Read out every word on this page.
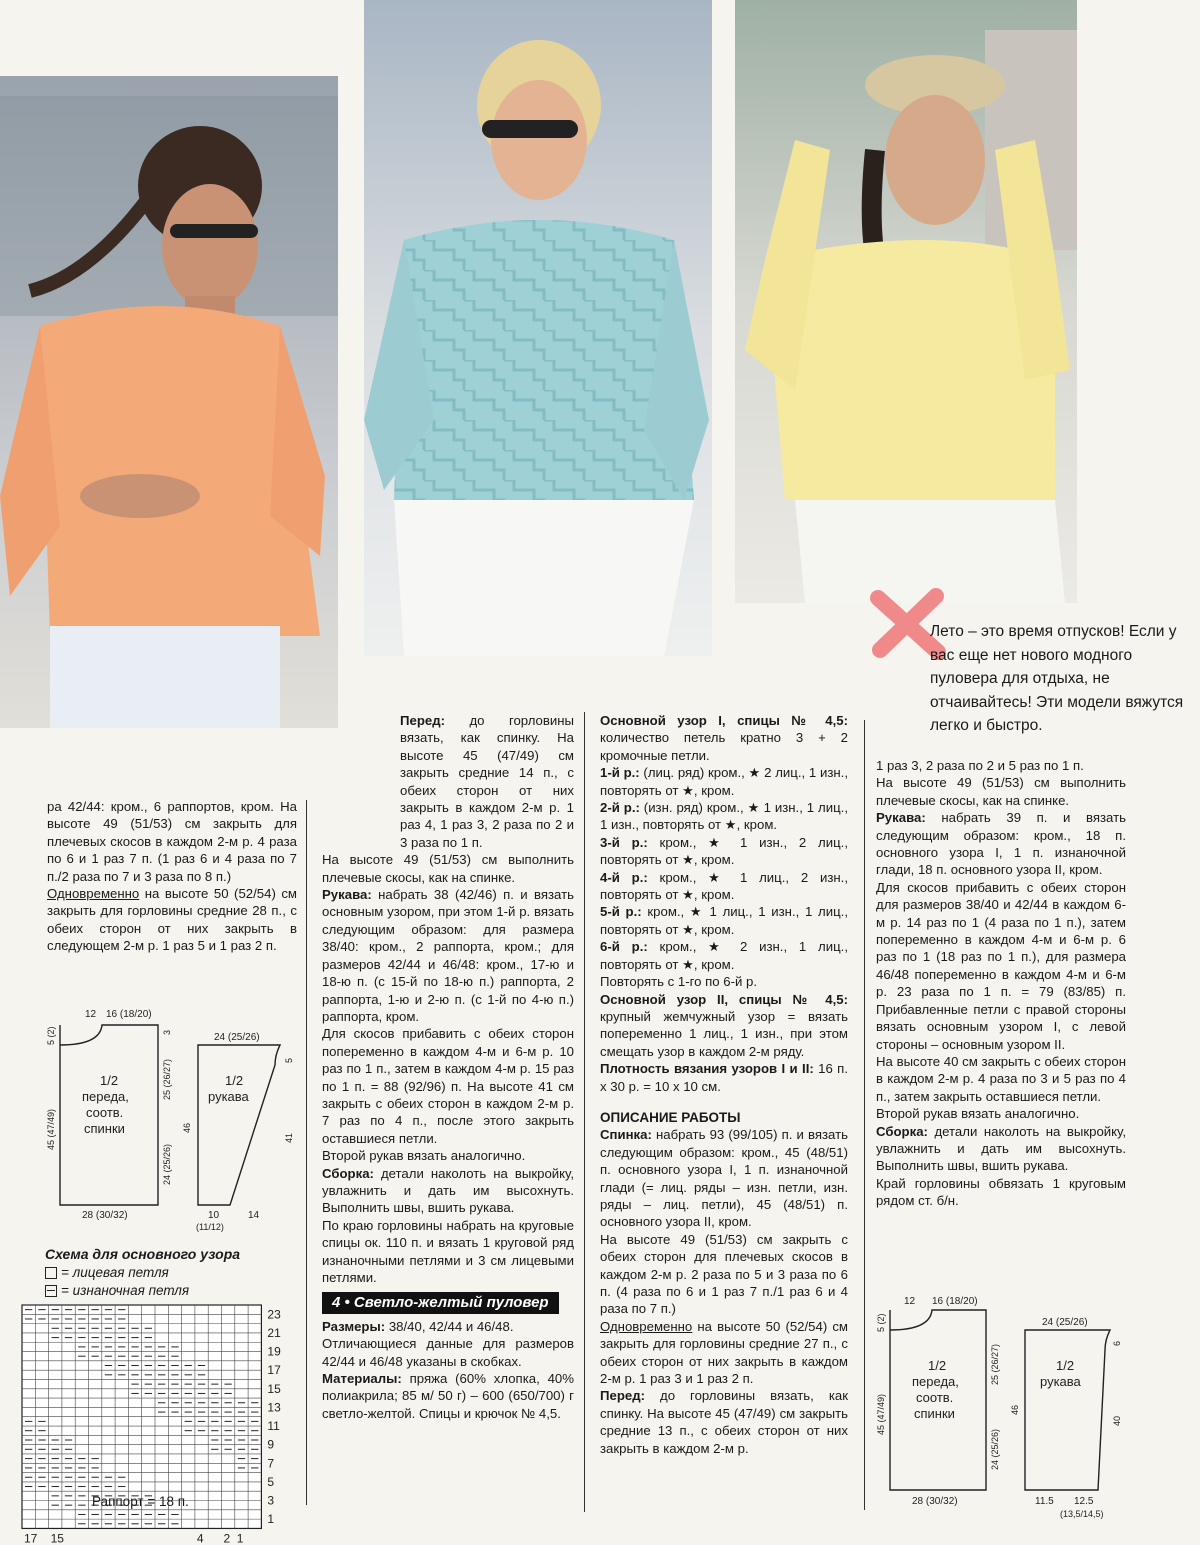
Лето – это время отпусков! Если у вас еще нет нового модного пуловера для отдыха, не отчаивайтесь! Эти модели вяжутся легко и быстро.

ра 42/44: кром., 6 раппортов, кром. На высоте 49 (51/53) см закрыть для плечевых скосов в каждом 2-м р. 4 раза по 6 и 1 раз 7 п. (1 раз 6 и 4 раза по 7 п./2 раза по 7 и 3 раза по 8 п.)

Одновременно на высоте 50 (52/54) см закрыть для горловины средние 28 п., с обеих сторон от них закрыть в следующем 2-м р. 1 раз 5 и 1 раз 2 п.

12 16 (18/20)
5 (2)
45 (47/49)
3
25 (26/27)
24 (25/26)
28 (30/32)
1/2
переда,
соотв.
спинки
24 (25/26)
5
46
41
10
(11/12)
14
1/2
рукава
Схема для основного узора
= лицевая петля
= изнаночная петля
23
21
19
17
15
13
11
9
7
5
3
1
17 15	4 2 1
Раппорт = 18 п.

Перед: до горловины вязать, как спинку. На высоте 45 (47/49) см закрыть средние 14 п., с обеих сторон от них закрыть в каждом 2-м р. 1 раз 4, 1 раз 3, 2 раза по 2 и 3 раза по 1 п.

На высоте 49 (51/53) см выполнить плечевые скосы, как на спинке.

Рукава: набрать 38 (42/46) п. и вязать основным узором, при этом 1-й р. вязать следующим образом: для размера 38/40: кром., 2 раппорта, кром.; для размеров 42/44 и 46/48: кром., 17-ю и 18-ю п. (с 15-й по 18-ю п.) раппорта, 2 раппорта, 1-ю и 2-ю п. (с 1-й по 4-ю п.) раппорта, кром.

Для скосов прибавить с обеих сторон попеременно в каждом 4-м и 6-м р. 10 раз по 1 п., затем в каждом 4-м р. 15 раз по 1 п. = 88 (92/96) п. На высоте 41 см закрыть с обеих сторон в каждом 2-м р. 7 раз по 4 п., после этого закрыть оставшиеся петли.

Второй рукав вязать аналогично.

Сборка: детали наколоть на выкройку, увлажнить и дать им высохнуть. Выполнить швы, вшить рукава.

По краю горловины набрать на круговые спицы ок. 110 п. и вязать 1 круговой ряд изнаночными петлями и 3 см лицевыми петлями.

4 • Светло-желтый пуловер

Размеры: 38/40, 42/44 и 46/48.

Отличающиеся данные для размеров 42/44 и 46/48 указаны в скобках.

Материалы: пряжа (60% хлопка, 40% полиакрила; 85 м/ 50 г) – 600 (650/700) г светло-желтой. Спицы и крючок № 4,5.

Основной узор I, спицы № 4,5: количество петель кратно 3 + 2 кромочные петли.

1-й р.: (лиц. ряд) кром., ★ 2 лиц., 1 изн., повторять от ★, кром.

2-й р.: (изн. ряд) кром., ★ 1 изн., 1 лиц., 1 изн., повторять от ★, кром.

3-й р.: кром., ★ 1 изн., 2 лиц., повторять от ★, кром.

4-й р.: кром., ★ 1 лиц., 2 изн., повторять от ★, кром.

5-й р.: кром., ★ 1 лиц., 1 изн., 1 лиц., повторять от ★, кром.

6-й р.: кром., ★ 2 изн., 1 лиц., повторять от ★, кром.

Повторять с 1-го по 6-й р.

Основной узор II, спицы № 4,5: крупный жемчужный узор = вязать попеременно 1 лиц., 1 изн., при этом смещать узор в каждом 2-м ряду.

Плотность вязания узоров I и II: 16 п. х 30 р. = 10 х 10 см.

ОПИСАНИЕ РАБОТЫ

Спинка: набрать 93 (99/105) п. и вязать следующим образом: кром., 45 (48/51) п. основного узора I, 1 п. изнаночной глади (= лиц. ряды – изн. петли, изн. ряды – лиц. петли), 45 (48/51) п. основного узора II, кром.

На высоте 49 (51/53) см закрыть с обеих сторон для плечевых скосов в каждом 2-м р. 2 раза по 5 и 3 раза по 6 п. (4 раза по 6 и 1 раз 7 п./1 раз 6 и 4 раза по 7 п.)

Одновременно на высоте 50 (52/54) см закрыть для горловины средние 27 п., с обеих сторон от них закрыть в каждом 2-м р. 1 раз 3 и 1 раз 2 п.

Перед: до горловины вязать, как спинку. На высоте 45 (47/49) см закрыть средние 13 п., с обеих сторон от них закрыть в каждом 2-м р.

1 раз 3, 2 раза по 2 и 5 раз по 1 п.

На высоте 49 (51/53) см выполнить плечевые скосы, как на спинке.

Рукава: набрать 39 п. и вязать следующим образом: кром., 18 п. основного узора I, 1 п. изнаночной глади, 18 п. основного узора II, кром.

Для скосов прибавить с обеих сторон для размеров 38/40 и 42/44 в каждом 6-м р. 14 раз по 1 (4 раза по 1 п.), затем попеременно в каждом 4-м и 6-м р. 6 раз по 1 (18 раз по 1 п.), для размера 46/48 попеременно в каждом 4-м и 6-м р. 23 раза по 1 п. = 79 (83/85) п. Прибавленные петли с правой стороны вязать основным узором I, с левой стороны – основным узором II.

На высоте 40 см закрыть с обеих сторон в каждом 2-м р. 4 раза по 3 и 5 раз по 4 п., затем закрыть оставшиеся петли.

Второй рукав вязать аналогично.

Сборка: детали наколоть на выкройку, увлажнить и дать им высохнуть. Выполнить швы, вшить рукава.

Край горловины обвязать 1 круговым рядом ст. б/н.

12 16 (18/20)
5 (2)
45 (47/49)
25 (26/27)
24 (25/26)
28 (30/32)
1/2
переда,
соотв.
спинки
24 (25/26)
6
46
40
11.5 12.5
(13,5/14,5)
1/2
рукава
